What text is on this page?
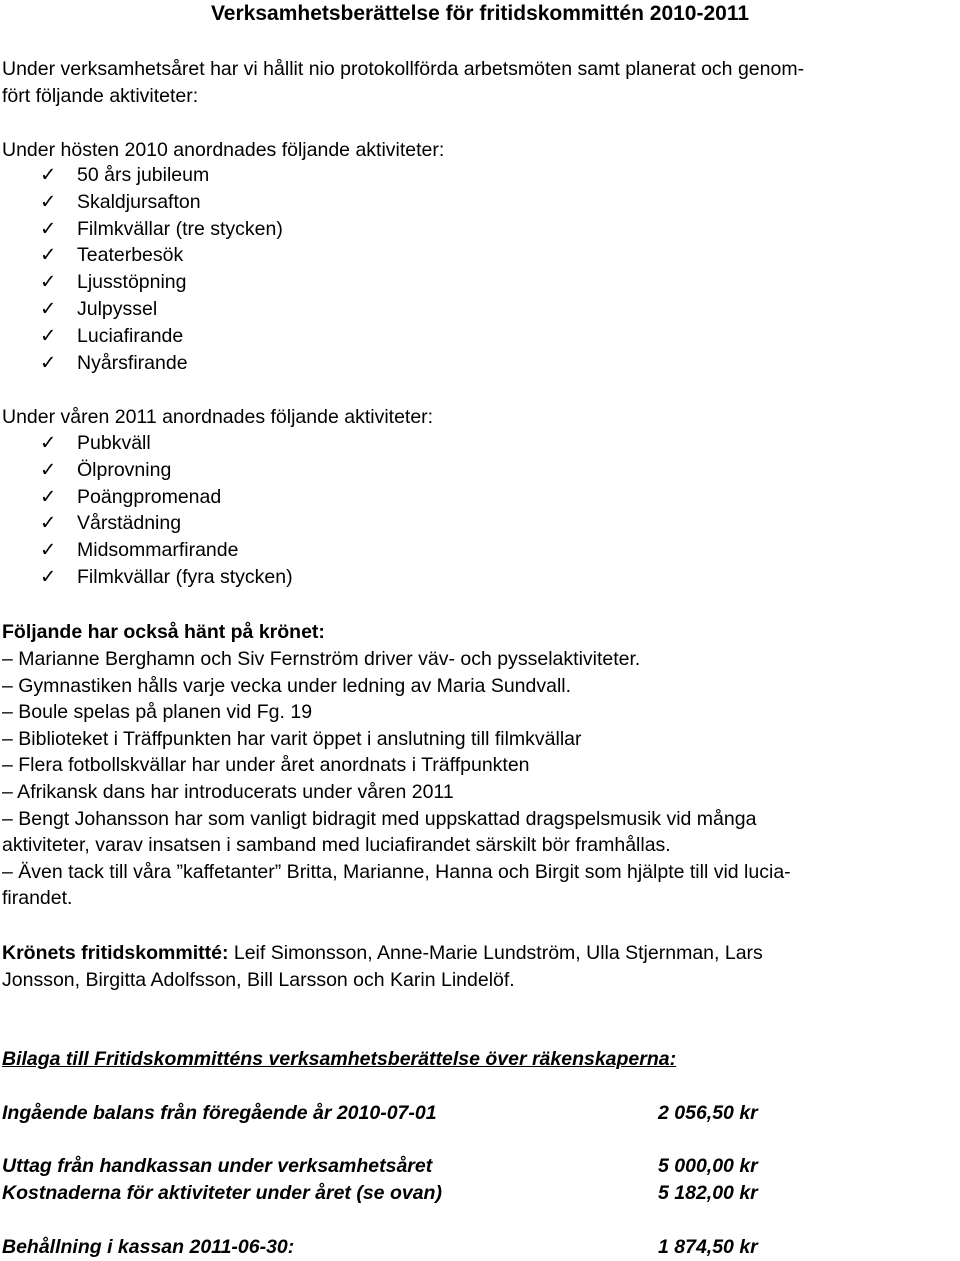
Verksamhetsberättelse för fritidskommittén 2010-2011
Under verksamhetsåret har vi hållit nio protokollförda arbetsmöten samt planerat och genom-
fört följande aktiviteter:
Under hösten 2010 anordnades följande aktiviteter:
✓ 50 års jubileum
✓ Skaldjursafton
✓ Filmkvällar (tre stycken)
✓ Teaterbesök
✓ Ljusstöpning
✓ Julpyssel
✓ Luciafirande
✓ Nyårsfirande
Under våren 2011 anordnades följande aktiviteter:
✓ Pubkväll
✓ Ölprovning
✓ Poängpromenad
✓ Vårstädning
✓ Midsommarfirande
✓ Filmkvällar (fyra stycken)
Följande har också hänt på krönet:
– Marianne Berghamn och Siv Fernström driver väv- och pysselaktiviteter.
– Gymnastiken hålls varje vecka under ledning av Maria Sundvall.
– Boule spelas på planen vid Fg. 19
– Biblioteket i Träffpunkten har varit öppet i anslutning till filmkvällar
– Flera fotbollskvällar har under året anordnats i Träffpunkten
– Afrikansk dans har introducerats under våren 2011
– Bengt Johansson har som vanligt bidragit med uppskattad dragspelsmusik vid många
aktiviteter, varav insatsen i samband med luciafirandet särskilt bör framhållas.
– Även tack till våra ”kaffetanter” Britta, Marianne, Hanna och Birgit som hjälpte till vid lucia-
firandet.
Krönets fritidskommitté: Leif Simonsson, Anne-Marie Lundström, Ulla Stjernman, Lars
Jonsson, Birgitta Adolfsson, Bill Larsson och Karin Lindelöf.
Bilaga till Fritidskommitténs verksamhetsberättelse över räkenskaperna:
Ingående balans från föregående år 2010-07-01	2 056,50 kr
Uttag från handkassan under verksamhetsåret	5 000,00 kr
Kostnaderna för aktiviteter under året (se ovan)	5 182,00 kr
Behållning i kassan 2011-06-30:	1 874,50 kr
